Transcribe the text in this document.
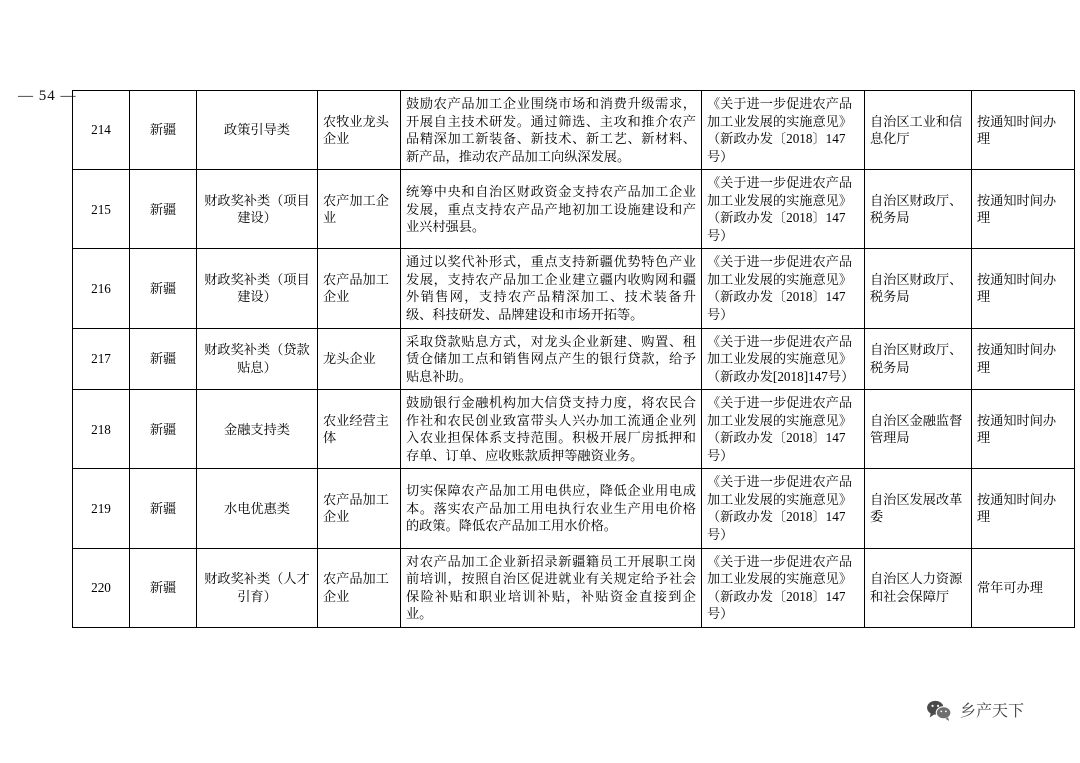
— 54 —
214	新疆	政策引导类	农牧业龙头企业	鼓励农产品加工企业围绕市场和消费升级需求，开展自主技术研发。通过筛选、主攻和推介农产品精深加工新装备、新技术、新工艺、新材料、新产品，推动农产品加工向纵深发展。	《关于进一步促进农产品加工业发展的实施意见》（新政办发〔2018〕147号）	自治区工业和信息化厅	按通知时间办理

215	新疆	财政奖补类（项目建设）	农产加工企业	统筹中央和自治区财政资金支持农产品加工企业发展，重点支持农产品产地初加工设施建设和产业兴村强县。	《关于进一步促进农产品加工业发展的实施意见》（新政办发〔2018〕147号）	自治区财政厅、税务局	按通知时间办理

216	新疆	财政奖补类（项目建设）	农产品加工企业	通过以奖代补形式，重点支持新疆优势特色产业发展，支持农产品加工企业建立疆内收购网和疆外销售网，支持农产品精深加工、技术装备升级、科技研发、品牌建设和市场开拓等。	《关于进一步促进农产品加工业发展的实施意见》（新政办发〔2018〕147号）	自治区财政厅、税务局	按通知时间办理

217	新疆	财政奖补类（贷款贴息）	龙头企业	采取贷款贴息方式，对龙头企业新建、购置、租赁仓储加工点和销售网点产生的银行贷款，给予贴息补助。	《关于进一步促进农产品加工业发展的实施意见》（新政办发[2018]147号）	自治区财政厅、税务局	按通知时间办理

218	新疆	金融支持类	农业经营主体	鼓励银行金融机构加大信贷支持力度，将农民合作社和农民创业致富带头人兴办加工流通企业列入农业担保体系支持范围。积极开展厂房抵押和存单、订单、应收账款质押等融资业务。	《关于进一步促进农产品加工业发展的实施意见》（新政办发〔2018〕147号）	自治区金融监督管理局	按通知时间办理

219	新疆	水电优惠类	农产品加工企业	切实保障农产品加工用电供应，降低企业用电成本。落实农产品加工用电执行农业生产用电价格的政策。降低农产品加工用水价格。	《关于进一步促进农产品加工业发展的实施意见》（新政办发〔2018〕147号）	自治区发展改革委	按通知时间办理

220	新疆	财政奖补类（人才引育）	农产品加工企业	对农产品加工企业新招录新疆籍员工开展职工岗前培训，按照自治区促进就业有关规定给予社会保险补贴和职业培训补贴，补贴资金直接到企业。	《关于进一步促进农产品加工业发展的实施意见》（新政办发〔2018〕147号）	自治区人力资源和社会保障厅	常年可办理
乡产天下
